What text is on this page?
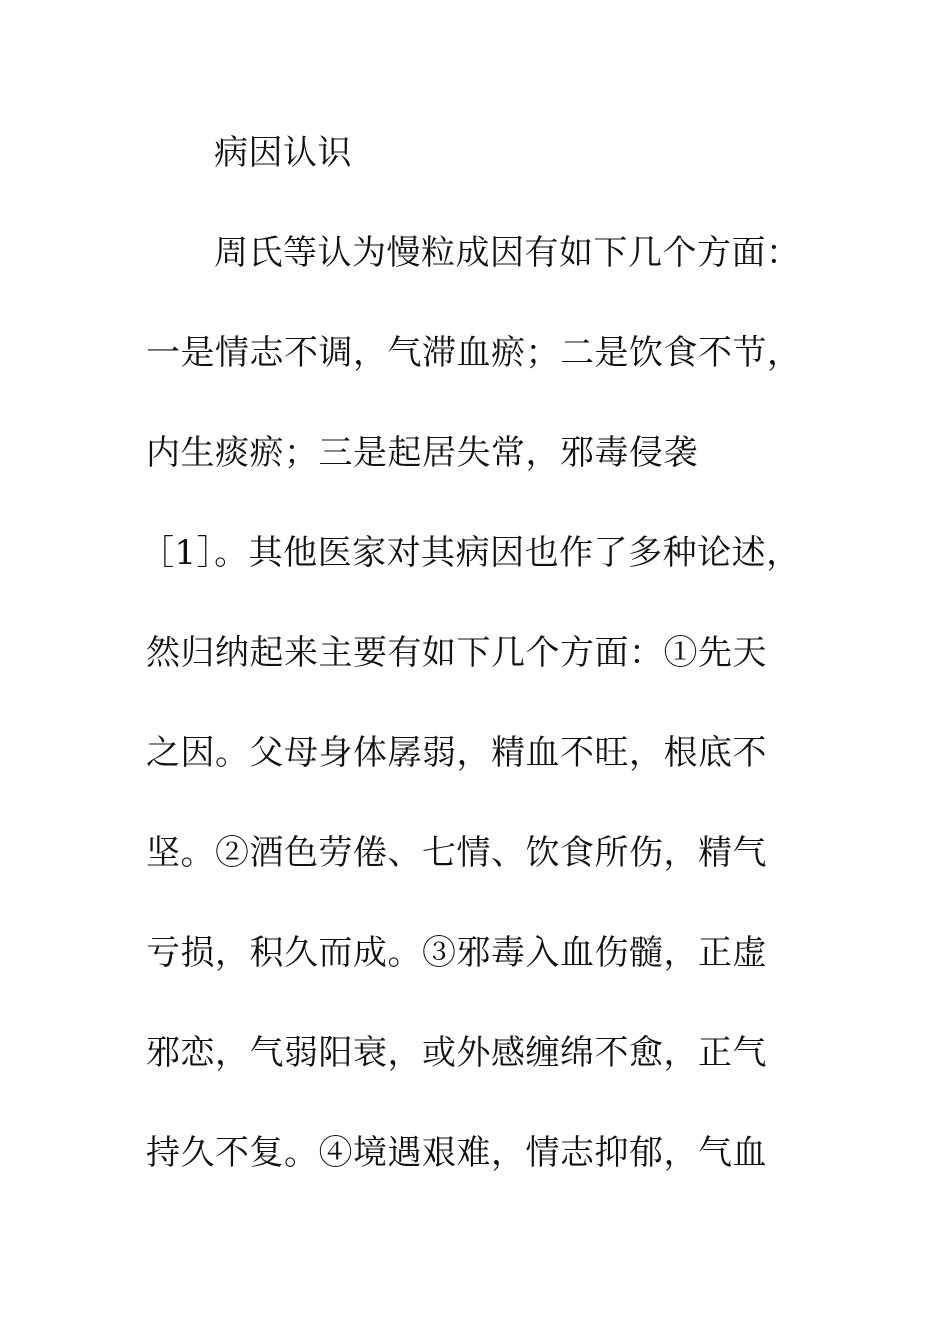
病因认识
周氏等认为慢粒成因有如下几个方面：
一是情志不调，气滞血瘀；二是饮食不节，
内生痰瘀；三是起居失常，邪毒侵袭
［1］。其他医家对其病因也作了多种论述，
然归纳起来主要有如下几个方面：①先天
之因。父母身体孱弱，精血不旺，根底不
坚。②酒色劳倦、七情、饮食所伤，精气
亏损，积久而成。③邪毒入血伤髓，正虚
邪恋，气弱阳衰，或外感缠绵不愈，正气
持久不复。④境遇艰难，情志抑郁，气血
